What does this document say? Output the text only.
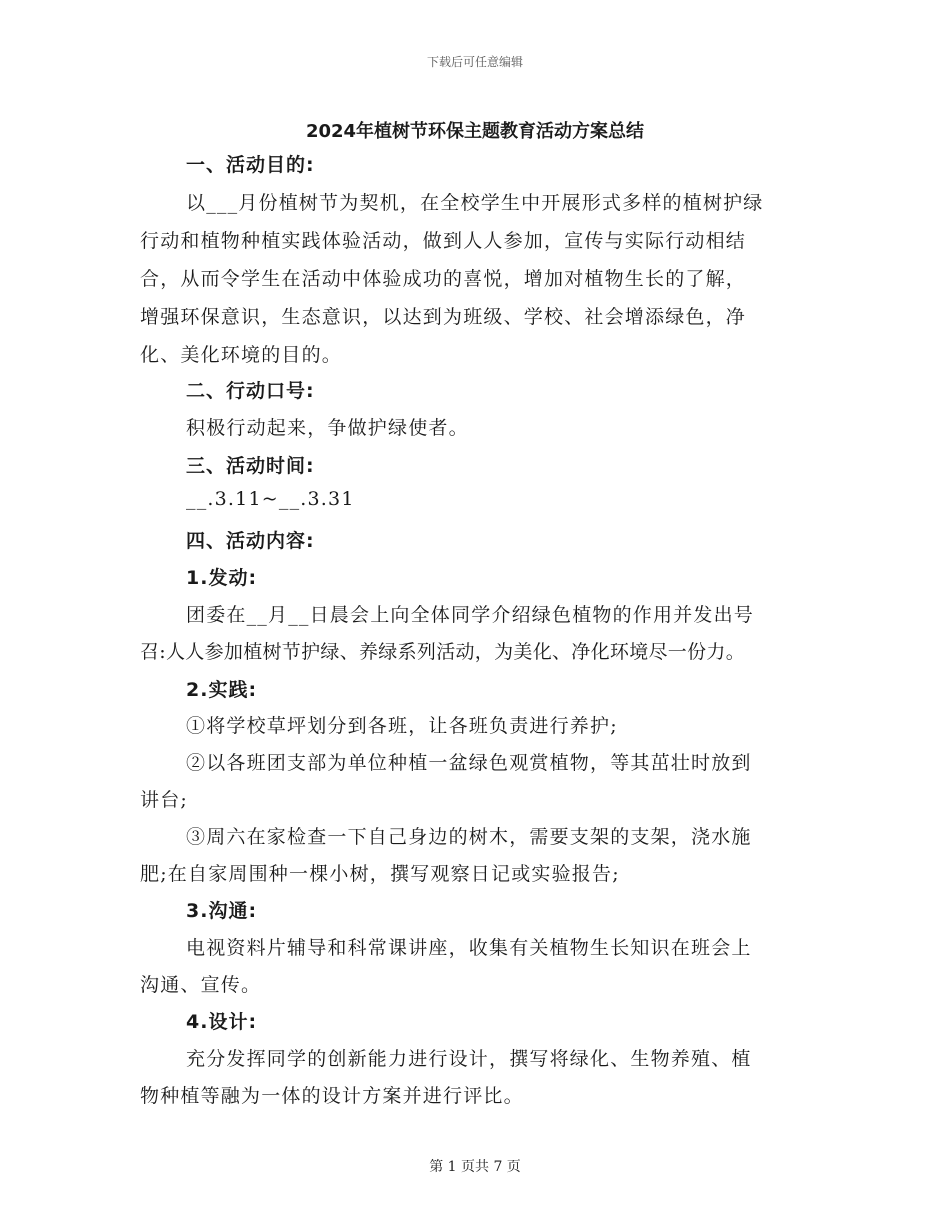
下载后可任意编辑
2024年植树节环保主题教育活动方案总结
一、活动目的:
以___月份植树节为契机，在全校学生中开展形式多样的植树护绿
行动和植物种植实践体验活动，做到人人参加，宣传与实际行动相结
合，从而令学生在活动中体验成功的喜悦，增加对植物生长的了解，
增强环保意识，生态意识，以达到为班级、学校、社会增添绿色，净
化、美化环境的目的。
二、行动口号:
积极行动起来，争做护绿使者。
三、活动时间:
__.3.11~__.3.31
四、活动内容:
1.发动:
团委在__月__日晨会上向全体同学介绍绿色植物的作用并发出号
召:人人参加植树节护绿、养绿系列活动，为美化、净化环境尽一份力。
2.实践:
①将学校草坪划分到各班，让各班负责进行养护;
②以各班团支部为单位种植一盆绿色观赏植物，等其茁壮时放到
讲台;
③周六在家检查一下自己身边的树木，需要支架的支架，浇水施
肥;在自家周围种一棵小树，撰写观察日记或实验报告;
3.沟通:
电视资料片辅导和科常课讲座，收集有关植物生长知识在班会上
沟通、宣传。
4.设计:
充分发挥同学的创新能力进行设计，撰写将绿化、生物养殖、植
物种植等融为一体的设计方案并进行评比。
第 1 页共 7 页
